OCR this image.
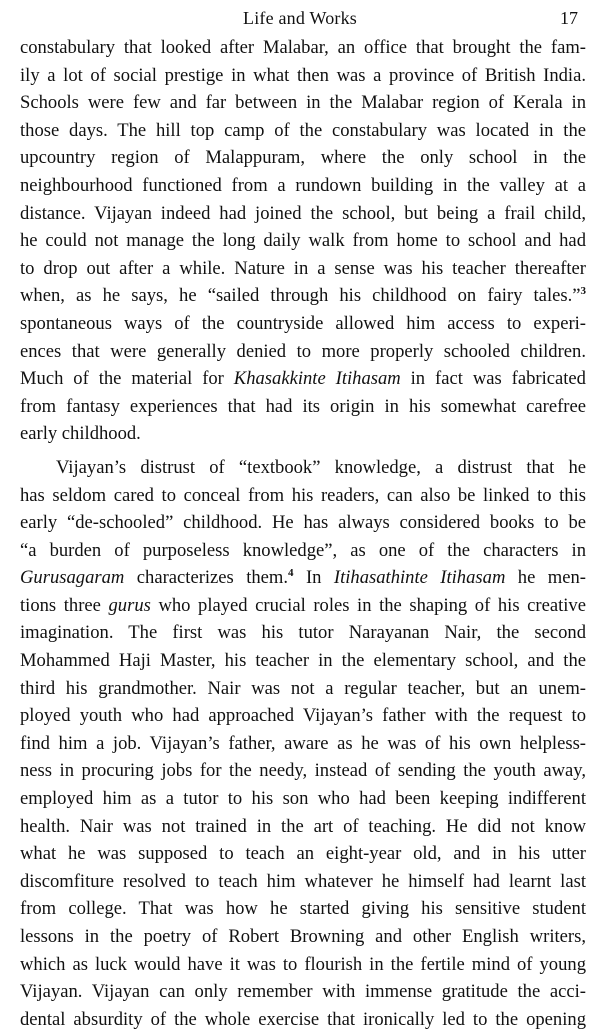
Life and Works	17
constabulary that looked after Malabar, an office that brought the fam-
ily a lot of social prestige in what then was a province of British India.
Schools were few and far between in the Malabar region of Kerala in
those days. The hill top camp of the constabulary was located in the
upcountry region of Malappuram, where the only school in the
neighbourhood functioned from a rundown building in the valley at a
distance. Vijayan indeed had joined the school, but being a frail child,
he could not manage the long daily walk from home to school and had
to drop out after a while. Nature in a sense was his teacher thereafter
when, as he says, he “sailed through his childhood on fairy tales.”$^3$
spontaneous ways of the countryside allowed him access to experi-
ences that were generally denied to more properly schooled children.
Much of the material for Khasakkinte Itihasam in fact was fabricated
from fantasy experiences that had its origin in his somewhat carefree
early childhood.
Vijayan’s distrust of “textbook” knowledge, a distrust that he
has seldom cared to conceal from his readers, can also be linked to this
early “de-schooled” childhood. He has always considered books to be
“a burden of purposeless knowledge”, as one of the characters in
Gurusagaram characterizes them.$^4$ In Itihasathinte Itihasam he men-
tions three gurus who played crucial roles in the shaping of his creative
imagination. The first was his tutor Narayanan Nair, the second
Mohammed Haji Master, his teacher in the elementary school, and the
third his grandmother. Nair was not a regular teacher, but an unem-
ployed youth who had approached Vijayan’s father with the request to
find him a job. Vijayan’s father, aware as he was of his own helpless-
ness in procuring jobs for the needy, instead of sending the youth away,
employed him as a tutor to his son who had been keeping indifferent
health. Nair was not trained in the art of teaching. He did not know
what he was supposed to teach an eight-year old, and in his utter
discomfiture resolved to teach him whatever he himself had learnt last
from college. That was how he started giving his sensitive student
lessons in the poetry of Robert Browning and other English writers,
which as luck would have it was to flourish in the fertile mind of young
Vijayan. Vijayan can only remember with immense gratitude the acci-
dental absurdity of the whole exercise that ironically led to the opening
